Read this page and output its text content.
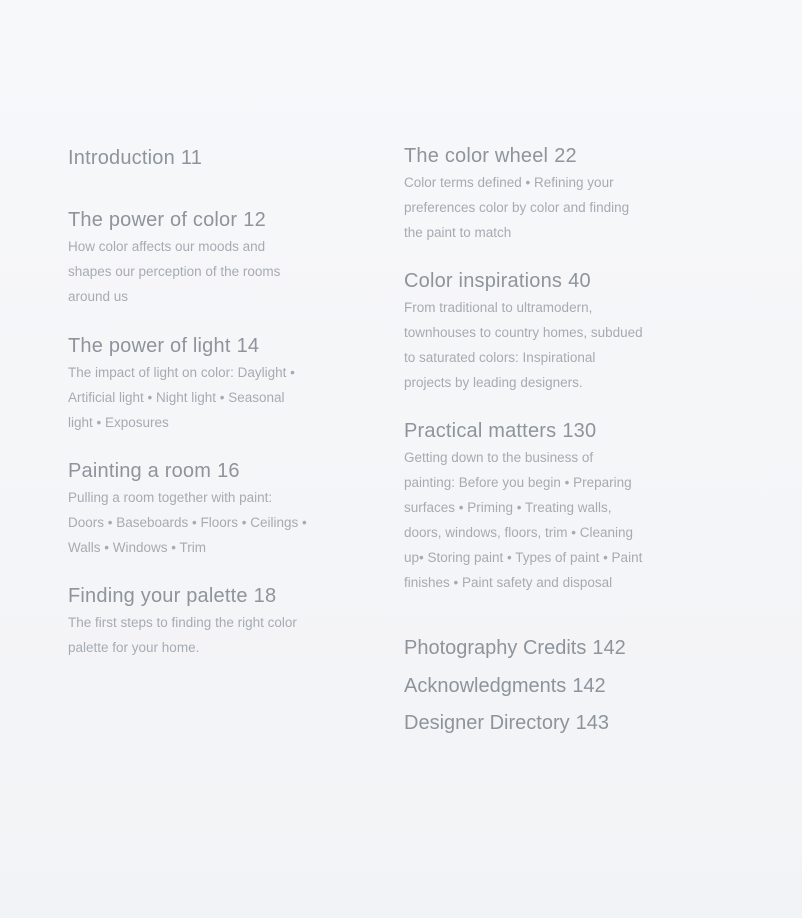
Introduction 11
The power of color 12
How color affects our moods and
shapes our perception of the rooms
around us
The power of light 14
The impact of light on color: Daylight •
Artificial light • Night light • Seasonal
light • Exposures
Painting a room 16
Pulling a room together with paint:
Doors • Baseboards • Floors • Ceilings •
Walls • Windows • Trim
Finding your palette 18
The first steps to finding the right color
palette for your home.
The color wheel 22
Color terms defined • Refining your
preferences color by color and finding
the paint to match
Color inspirations 40
From traditional to ultramodern,
townhouses to country homes, subdued
to saturated colors: Inspirational
projects by leading designers.
Practical matters 130
Getting down to the business of
painting: Before you begin • Preparing
surfaces • Priming • Treating walls,
doors, windows, floors, trim • Cleaning
up• Storing paint • Types of paint • Paint
finishes • Paint safety and disposal
Photography Credits 142
Acknowledgments 142
Designer Directory 143
